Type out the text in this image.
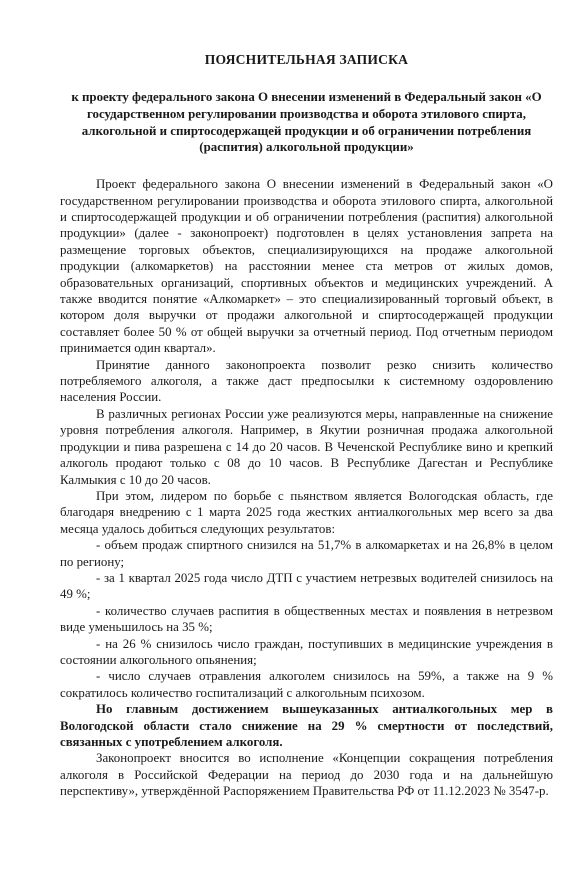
ПОЯСНИТЕЛЬНАЯ ЗАПИСКА
к проекту федерального закона О внесении изменений в Федеральный закон «О государственном регулировании производства и оборота этилового спирта, алкогольной и спиртосодержащей продукции и об ограничении потребления (распития) алкогольной продукции»

Проект федерального закона О внесении изменений в Федеральный закон «О государственном регулировании производства и оборота этилового спирта, алкогольной и спиртосодержащей продукции и об ограничении потребления (распития) алкогольной продукции» (далее - законопроект) подготовлен в целях установления запрета на размещение торговых объектов, специализирующихся на продаже алкогольной продукции (алкомаркетов) на расстоянии менее ста метров от жилых домов, образовательных организаций, спортивных объектов и медицинских учреждений. А также вводится понятие «Алкомаркет» – это специализированный торговый объект, в котором доля выручки от продажи алкогольной и спиртосодержащей продукции составляет более 50 % от общей выручки за отчетный период. Под отчетным периодом принимается один квартал».

Принятие данного законопроекта позволит резко снизить количество потребляемого алкоголя, а также даст предпосылки к системному оздоровлению населения России.

В различных регионах России уже реализуются меры, направленные на снижение уровня потребления алкоголя. Например, в Якутии розничная продажа алкогольной продукции и пива разрешена с 14 до 20 часов. В Чеченской Республике вино и крепкий алкоголь продают только с 08 до 10 часов. В Республике Дагестан и Республике Калмыкия с 10 до 20 часов.

При этом, лидером по борьбе с пьянством является Вологодская область, где благодаря внедрению с 1 марта 2025 года жестких антиалкогольных мер всего за два месяца удалось добиться следующих результатов:

- объем продаж спиртного снизился на 51,7% в алкомаркетах и на 26,8% в целом по региону;

- за 1 квартал 2025 года число ДТП с участием нетрезвых водителей снизилось на 49 %;

- количество случаев распития в общественных местах и появления в нетрезвом виде уменьшилось на 35 %;

- на 26 % снизилось число граждан, поступивших в медицинские учреждения в состоянии алкогольного опьянения;

- число случаев отравления алкоголем снизилось на 59%, а также на 9 % сократилось количество госпитализаций с алкогольным психозом.

Но главным достижением вышеуказанных антиалкогольных мер в Вологодской области стало снижение на 29 % смертности от последствий, связанных с употреблением алкоголя.

Законопроект вносится во исполнение «Концепции сокращения потребления алкоголя в Российской Федерации на период до 2030 года и на дальнейшую перспективу», утверждённой Распоряжением Правительства РФ от 11.12.2023 № 3547-р.
